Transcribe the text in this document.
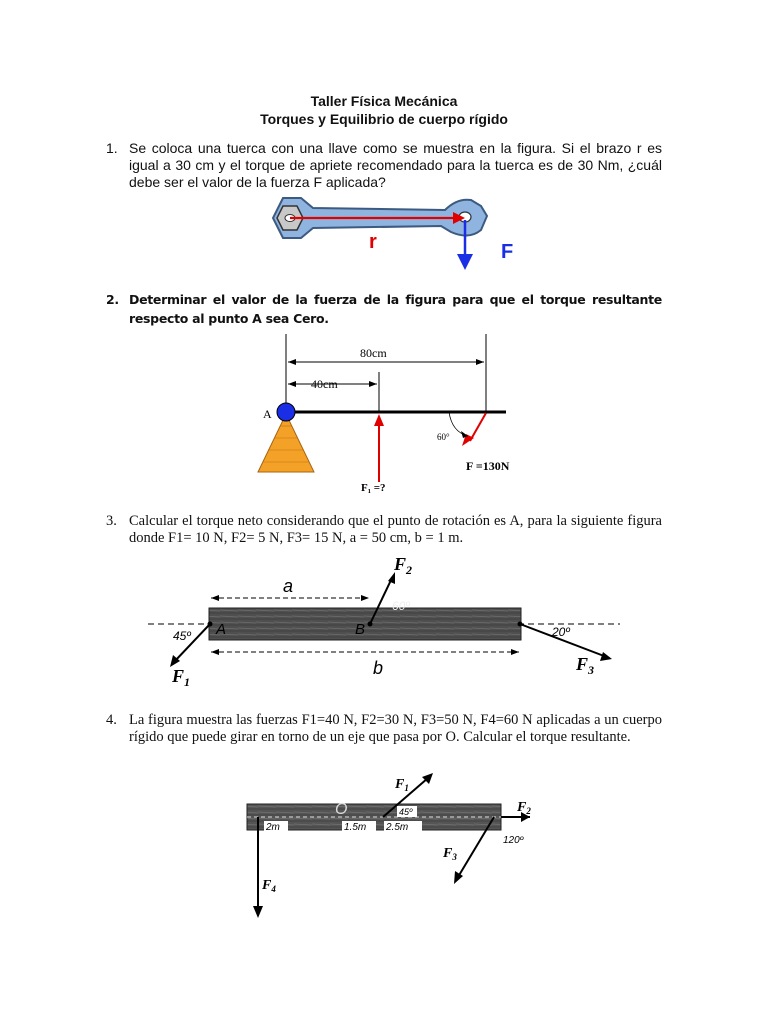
Taller Física Mecánica
Torques y Equilibrio de cuerpo rígido
1. Se coloca una tuerca con una llave como se muestra en la figura. Si el brazo r es igual a 30 cm y el torque de apriete recomendado para la tuerca es de 30 Nm, ¿cuál debe ser el valor de la fuerza F aplicada?
r	F
2. Determinar el valor de la fuerza de la figura para que el torque resultante respecto al punto A sea Cero.
80cm
40cm
A
F₁ =?
60°
F =130N
3. Calcular el torque neto considerando que el punto de rotación es A, para la siguiente figura donde F1= 10 N, F2= 5 N, F3= 15 N, a = 50 cm, b = 1 m.
a
b
A	B
$F_1$
45º
$F_2$
60º
$F_3$
20º
4. La figura muestra las fuerzas F1=40 N, F2=30 N, F3=50 N, F4=60 N aplicadas a un cuerpo rígido que puede girar en torno de un eje que pasa por O. Calcular el torque resultante.
2m	1.5m 2.5m
45º
O
$F_4$
$F_1$
$F_2$
$F_3$
120º
